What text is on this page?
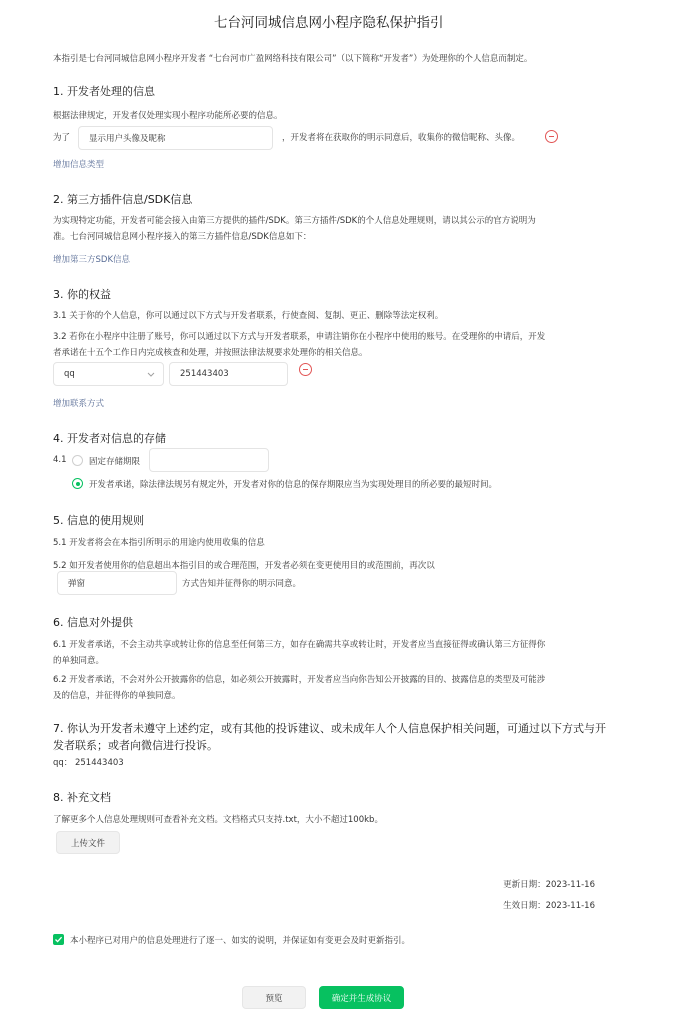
七台河同城信息网小程序隐私保护指引
本指引是七台河同城信息网小程序开发者 “七台河市广盈网络科技有限公司”（以下简称“开发者”）为处理你的个人信息而制定。
1. 开发者处理的信息
根据法律规定，开发者仅处理实现小程序功能所必要的信息。
为了 显示用户头像及昵称	，开发者将在获取你的明示同意后，收集你的微信昵称、头像。
增加信息类型
2. 第三方插件信息/SDK信息
为实现特定功能，开发者可能会接入由第三方提供的插件/SDK。第三方插件/SDK的个人信息处理规则，请以其公示的官方说明为
准。七台河同城信息网小程序接入的第三方插件信息/SDK信息如下：
增加第三方SDK信息
3. 你的权益
3.1 关于你的个人信息，你可以通过以下方式与开发者联系，行使查阅、复制、更正、删除等法定权利。
3.2 若你在小程序中注册了账号，你可以通过以下方式与开发者联系，申请注销你在小程序中使用的账号。在受理你的申请后，开发
者承诺在十五个工作日内完成核查和处理，并按照法律法规要求处理你的相关信息。
qq	251443403
增加联系方式
4. 开发者对信息的存储
4.1	固定存储期限
开发者承诺，除法律法规另有规定外，开发者对你的信息的保存期限应当为实现处理目的所必要的最短时间。
5. 信息的使用规则
5.1 开发者将会在本指引所明示的用途内使用收集的信息
5.2 如开发者使用你的信息超出本指引目的或合理范围，开发者必须在变更使用目的或范围前，再次以
弹窗	方式告知并征得你的明示同意。
6. 信息对外提供
6.1 开发者承诺，不会主动共享或转让你的信息至任何第三方，如存在确需共享或转让时，开发者应当直接征得或确认第三方征得你
的单独同意。
6.2 开发者承诺，不会对外公开披露你的信息，如必须公开披露时，开发者应当向你告知公开披露的目的、披露信息的类型及可能涉
及的信息，并征得你的单独同意。
7. 你认为开发者未遵守上述约定，或有其他的投诉建议、或未成年人个人信息保护相关问题，可通过以下方式与开
发者联系；或者向微信进行投诉。
qq： 251443403
8. 补充文档
了解更多个人信息处理规则可查看补充文档。文档格式只支持.txt，大小不超过100kb。
上传文件
更新日期：2023-11-16
生效日期：2023-11-16
本小程序已对用户的信息处理进行了逐一、如实的说明，并保证如有变更会及时更新指引。
预览	确定并生成协议
